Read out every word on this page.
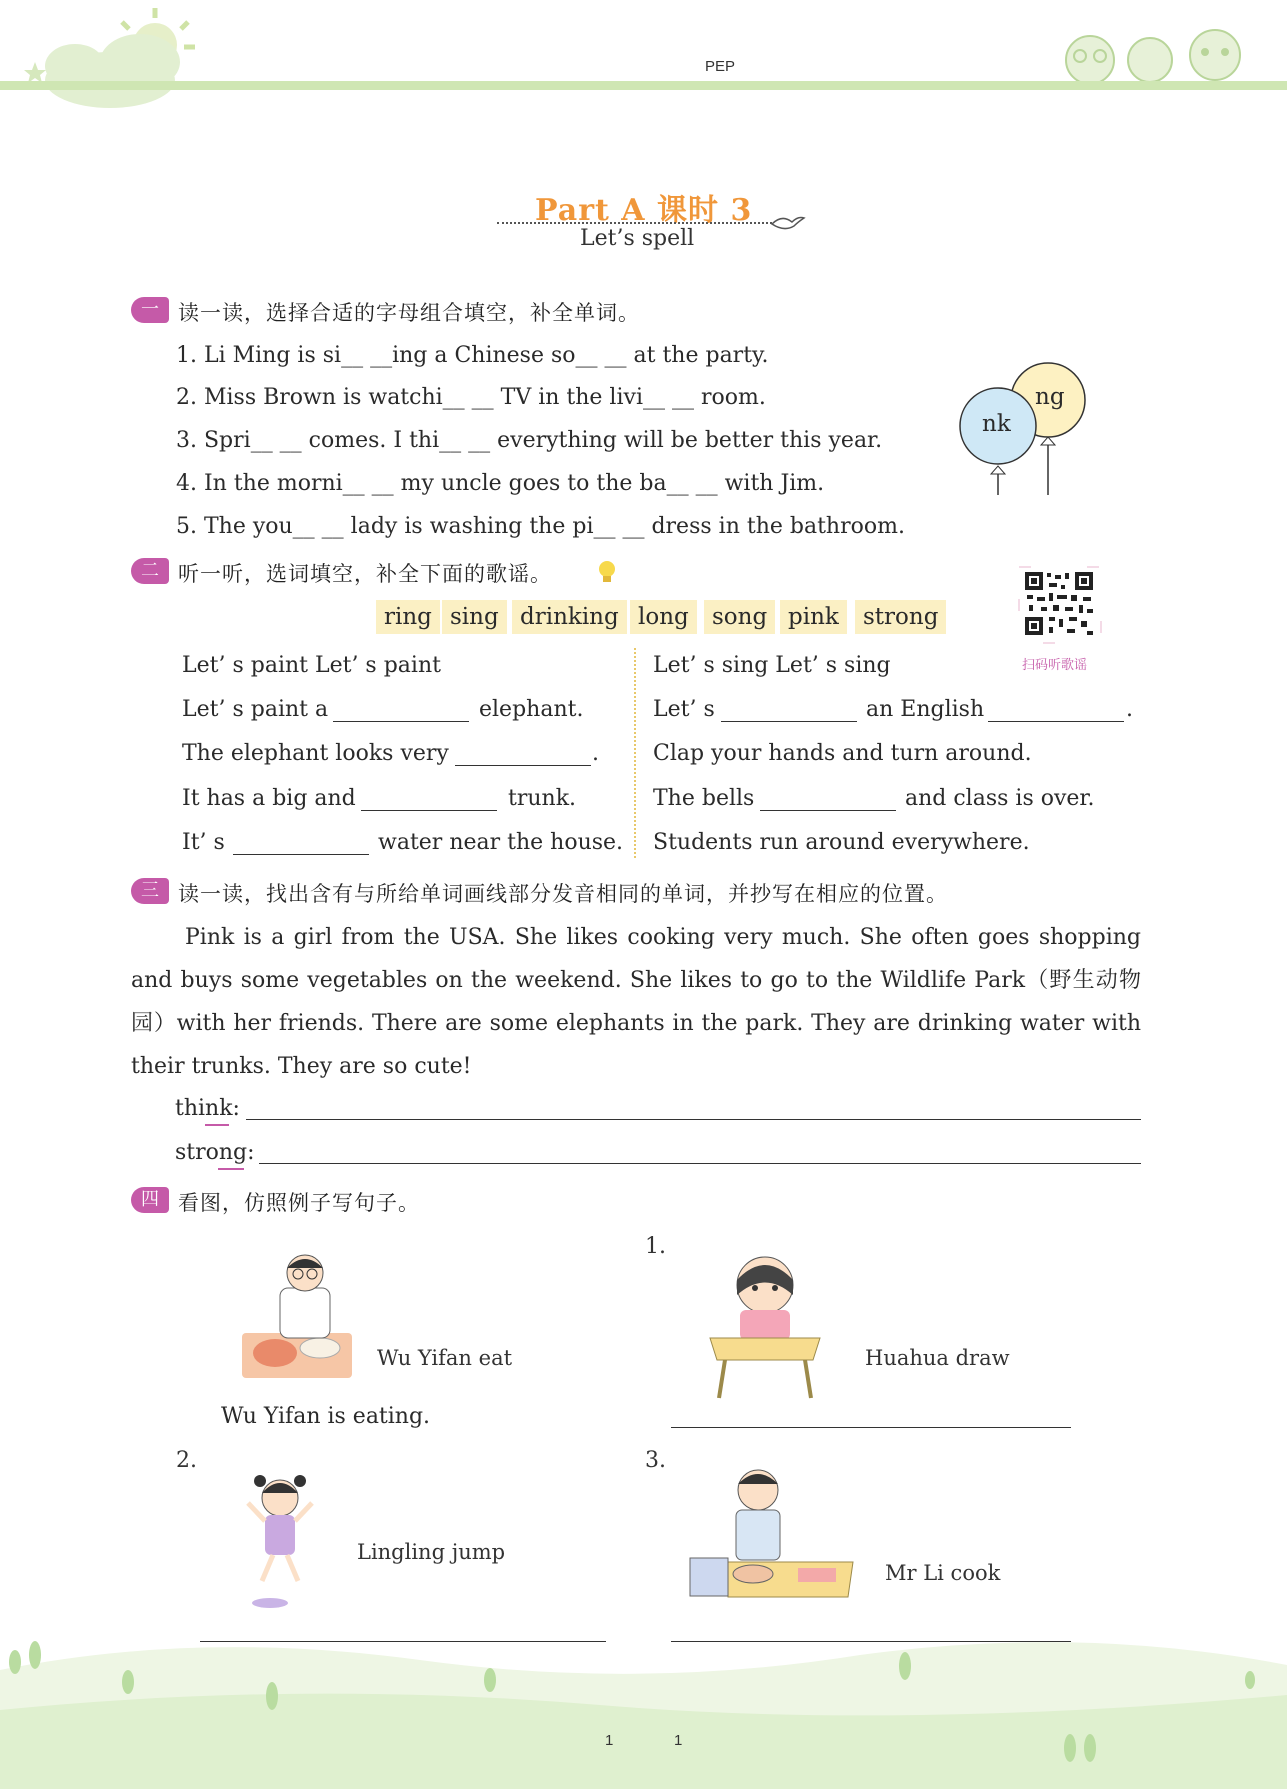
PEP
Part A 课时 3
Let’s spell
一 读一读，选择合适的字母组合填空，补全单词。
1. Li Ming is si__ __ing a Chinese so__ __ at the party.
2. Miss Brown is watchi__ __ TV in the livi__ __ room.
3. Spri__ __ comes. I thi__ __ everything will be better this year.
4. In the morni__ __ my uncle goes to the ba__ __ with Jim.
5. The you__ __ lady is washing the pi__ __ dress in the bathroom.
ng
nk
二 听一听，选词填空，补全下面的歌谣。
扫码听歌谣
ring sing drinking long	song pink	strong
Let’ s paint Let’ s paint
Let’ s paint a	elephant.
The elephant looks very	.
It has a big and	trunk.
It’ s	water near the house.
Let’ s sing Let’ s sing
Let’ s	an English	.
Clap your hands and turn around.
The bells	and class is over.
Students run around everywhere.
三 读一读，找出含有与所给单词画线部分发音相同的单词，并抄写在相应的位置。
Pink is a girl from the USA. She likes cooking very much. She often goes shopping and buys some vegetables on the weekend. She likes to go to the Wildlife Park（野生动物园）with her friends. There are some elephants in the park. They are drinking water with their trunks. They are so cute!
think:
strong:
四 看图，仿照例子写句子。
Wu Yifan eat
Wu Yifan is eating.
1.
Huahua draw
2.
Lingling jump
3.
Mr Li cook
1	1
